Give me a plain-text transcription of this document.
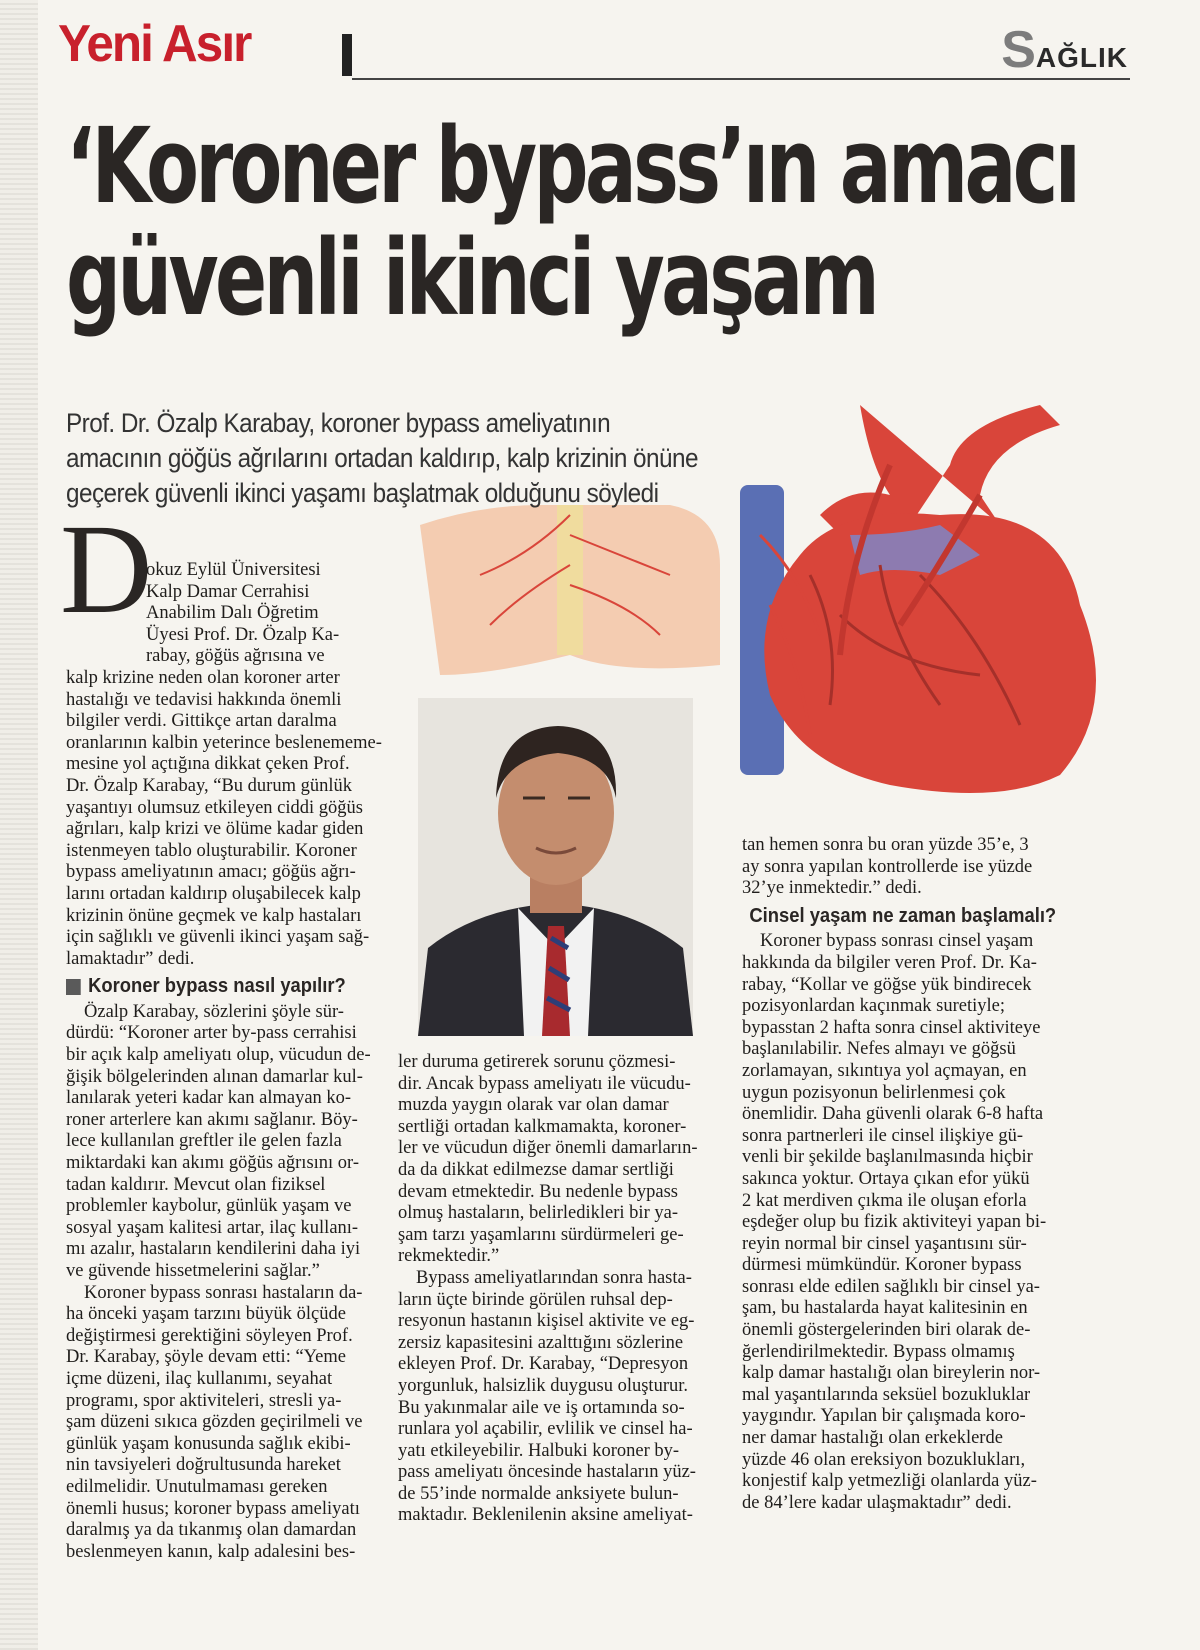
Yeni Asır	SAĞLIK
‘Koroner bypass’ın amacı
güvenli ikinci yaşam
Prof. Dr. Özalp Karabay, koroner bypass ameliyatının
amacının göğüs ağrılarını ortadan kaldırıp, kalp krizinin önüne
geçerek güvenli ikinci yaşamı başlatmak olduğunu söyledi
D
okuz Eylül Üniversitesi
Kalp Damar Cerrahisi
Anabilim Dalı Öğretim
Üyesi Prof. Dr. Özalp Ka-
rabay, göğüs ağrısına ve
kalp krizine neden olan koroner arter
hastalığı ve tedavisi hakkında önemli
bilgiler verdi. Gittikçe artan daralma
oranlarının kalbin yeterince beslenememe-
mesine yol açtığına dikkat çeken Prof.
Dr. Özalp Karabay, “Bu durum günlük
yaşantıyı olumsuz etkileyen ciddi göğüs
ağrıları, kalp krizi ve ölüme kadar giden
istenmeyen tablo oluşturabilir. Koroner
bypass ameliyatının amacı; göğüs ağrı-
larını ortadan kaldırıp oluşabilecek kalp
krizinin önüne geçmek ve kalp hastaları
için sağlıklı ve güvenli ikinci yaşam sağ-
lamaktadır” dedi.
Koroner bypass nasıl yapılır?
Özalp Karabay, sözlerini şöyle sür-
dürdü: “Koroner arter by-pass cerrahisi
bir açık kalp ameliyatı olup, vücudun de-
ğişik bölgelerinden alınan damarlar kul-
lanılarak yeteri kadar kan almayan ko-
roner arterlere kan akımı sağlanır. Böy-
lece kullanılan greftler ile gelen fazla
miktardaki kan akımı göğüs ağrısını or-
tadan kaldırır. Mevcut olan fiziksel
problemler kaybolur, günlük yaşam ve
sosyal yaşam kalitesi artar, ilaç kullanı-
mı azalır, hastaların kendilerini daha iyi
ve güvende hissetmelerini sağlar.”
Koroner bypass sonrası hastaların da-
ha önceki yaşam tarzını büyük ölçüde
değiştirmesi gerektiğini söyleyen Prof.
Dr. Karabay, şöyle devam etti: “Yeme
içme düzeni, ilaç kullanımı, seyahat
programı, spor aktiviteleri, stresli ya-
şam düzeni sıkıca gözden geçirilmeli ve
günlük yaşam konusunda sağlık ekibi-
nin tavsiyeleri doğrultusunda hareket
edilmelidir. Unutulmaması gereken
önemli husus; koroner bypass ameliyatı
daralmış ya da tıkanmış olan damardan
beslenmeyen kanın, kalp adalesini bes-
ler duruma getirerek sorunu çözmesi-
dir. Ancak bypass ameliyatı ile vücudu-
muzda yaygın olarak var olan damar
sertliği ortadan kalkmamakta, koroner-
ler ve vücudun diğer önemli damarların-
da da dikkat edilmezse damar sertliği
devam etmektedir. Bu nedenle bypass
olmuş hastaların, belirledikleri bir ya-
şam tarzı yaşamlarını sürdürmeleri ge-
rekmektedir.”
Bypass ameliyatlarından sonra hasta-
ların üçte birinde görülen ruhsal dep-
resyonun hastanın kişisel aktivite ve eg-
zersiz kapasitesini azalttığını sözlerine
ekleyen Prof. Dr. Karabay, “Depresyon
yorgunluk, halsizlik duygusu oluşturur.
Bu yakınmalar aile ve iş ortamında so-
runlara yol açabilir, evlilik ve cinsel ha-
yatı etkileyebilir. Halbuki koroner by-
pass ameliyatı öncesinde hastaların yüz-
de 55’inde normalde anksiyete bulun-
maktadır. Beklenilenin aksine ameliyat-
tan hemen sonra bu oran yüzde 35’e, 3
ay sonra yapılan kontrollerde ise yüzde
32’ye inmektedir.” dedi.
Cinsel yaşam ne zaman başlamalı?
Koroner bypass sonrası cinsel yaşam
hakkında da bilgiler veren Prof. Dr. Ka-
rabay, “Kollar ve göğse yük bindirecek
pozisyonlardan kaçınmak suretiyle;
bypasstan 2 hafta sonra cinsel aktiviteye
başlanılabilir. Nefes almayı ve göğsü
zorlamayan, sıkıntıya yol açmayan, en
uygun pozisyonun belirlenmesi çok
önemlidir. Daha güvenli olarak 6-8 hafta
sonra partnerleri ile cinsel ilişkiye gü-
venli bir şekilde başlanılmasında hiçbir
sakınca yoktur. Ortaya çıkan efor yükü
2 kat merdiven çıkma ile oluşan eforla
eşdeğer olup bu fizik aktiviteyi yapan bi-
reyin normal bir cinsel yaşantısını sür-
dürmesi mümkündür. Koroner bypass
sonrası elde edilen sağlıklı bir cinsel ya-
şam, bu hastalarda hayat kalitesinin en
önemli göstergelerinden biri olarak de-
ğerlendirilmektedir. Bypass olmamış
kalp damar hastalığı olan bireylerin nor-
mal yaşantılarında seksüel bozukluklar
yaygındır. Yapılan bir çalışmada koro-
ner damar hastalığı olan erkeklerde
yüzde 46 olan ereksiyon bozuklukları,
konjestif kalp yetmezliği olanlarda yüz-
de 84’lere kadar ulaşmaktadır” dedi.
